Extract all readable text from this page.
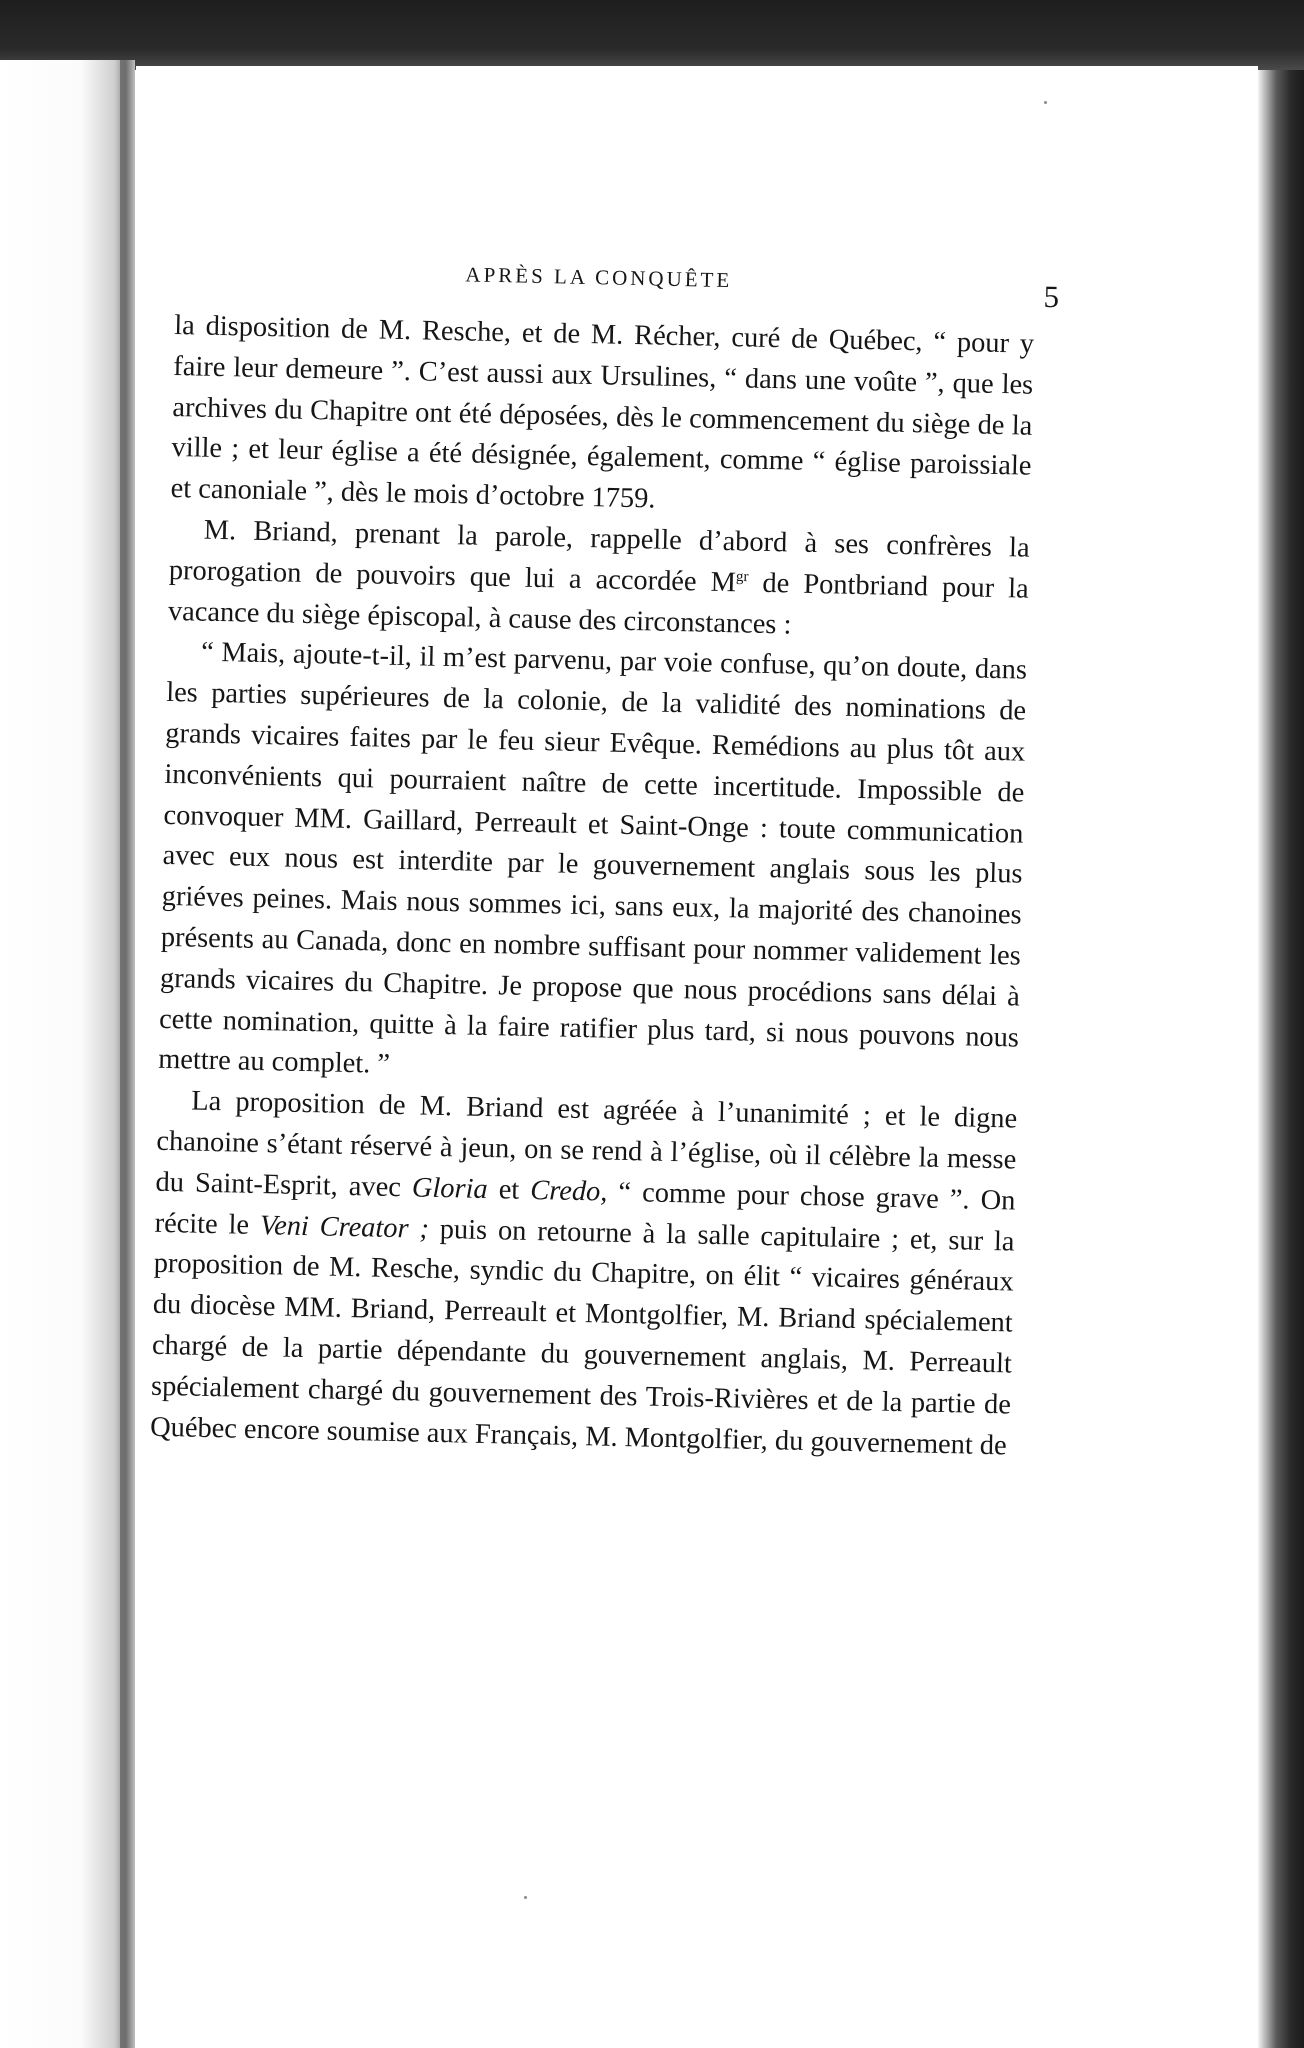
APRÈS LA CONQUÊTE
5

la disposition de M. Resche, et de M. Récher, curé de Québec, “ pour y faire leur demeure ”. C’est aussi aux Ursulines, “ dans une voûte ”, que les archives du Chapitre ont été déposées, dès le commencement du siège de la ville ; et leur église a été désignée, également, comme “ église paroissiale et canoniale ”, dès le mois d’octobre 1759.

M. Briand, prenant la parole, rappelle d’abord à ses confrères la prorogation de pouvoirs que lui a accordée $M^{gr}$ de Pontbriand pour la vacance du siège épiscopal, à cause des circonstances :

“ Mais, ajoute-t-il, il m’est parvenu, par voie confuse, qu’on doute, dans les parties supérieures de la colonie, de la validité des nominations de grands vicaires faites par le feu sieur Evêque. Remédions au plus tôt aux inconvénients qui pourraient naître de cette incertitude. Impossible de convoquer MM. Gaillard, Perreault et Saint-Onge : toute communication avec eux nous est interdite par le gouvernement anglais sous les plus griéves peines. Mais nous sommes ici, sans eux, la majorité des chanoines présents au Canada, donc en nombre suffisant pour nommer validement les grands vicaires du Chapitre. Je propose que nous procédions sans délai à cette nomination, quitte à la faire ratifier plus tard, si nous pouvons nous mettre au complet. ”

La proposition de M. Briand est agréée à l’unanimité ; et le digne chanoine s’étant réservé à jeun, on se rend à l’église, où il célèbre la messe du Saint-Esprit, avec Gloria et Credo, “ comme pour chose grave ”. On récite le Veni Creator ; puis on retourne à la salle capitulaire ; et, sur la proposition de M. Resche, syndic du Chapitre, on élit “ vicaires généraux du diocèse MM. Briand, Perreault et Montgolfier, M. Briand spécialement chargé de la partie dépendante du gouvernement anglais, M. Perreault spécialement chargé du gouvernement des Trois-Rivières et de la partie de Québec encore soumise aux Français, M. Montgolfier, du gouvernement de
